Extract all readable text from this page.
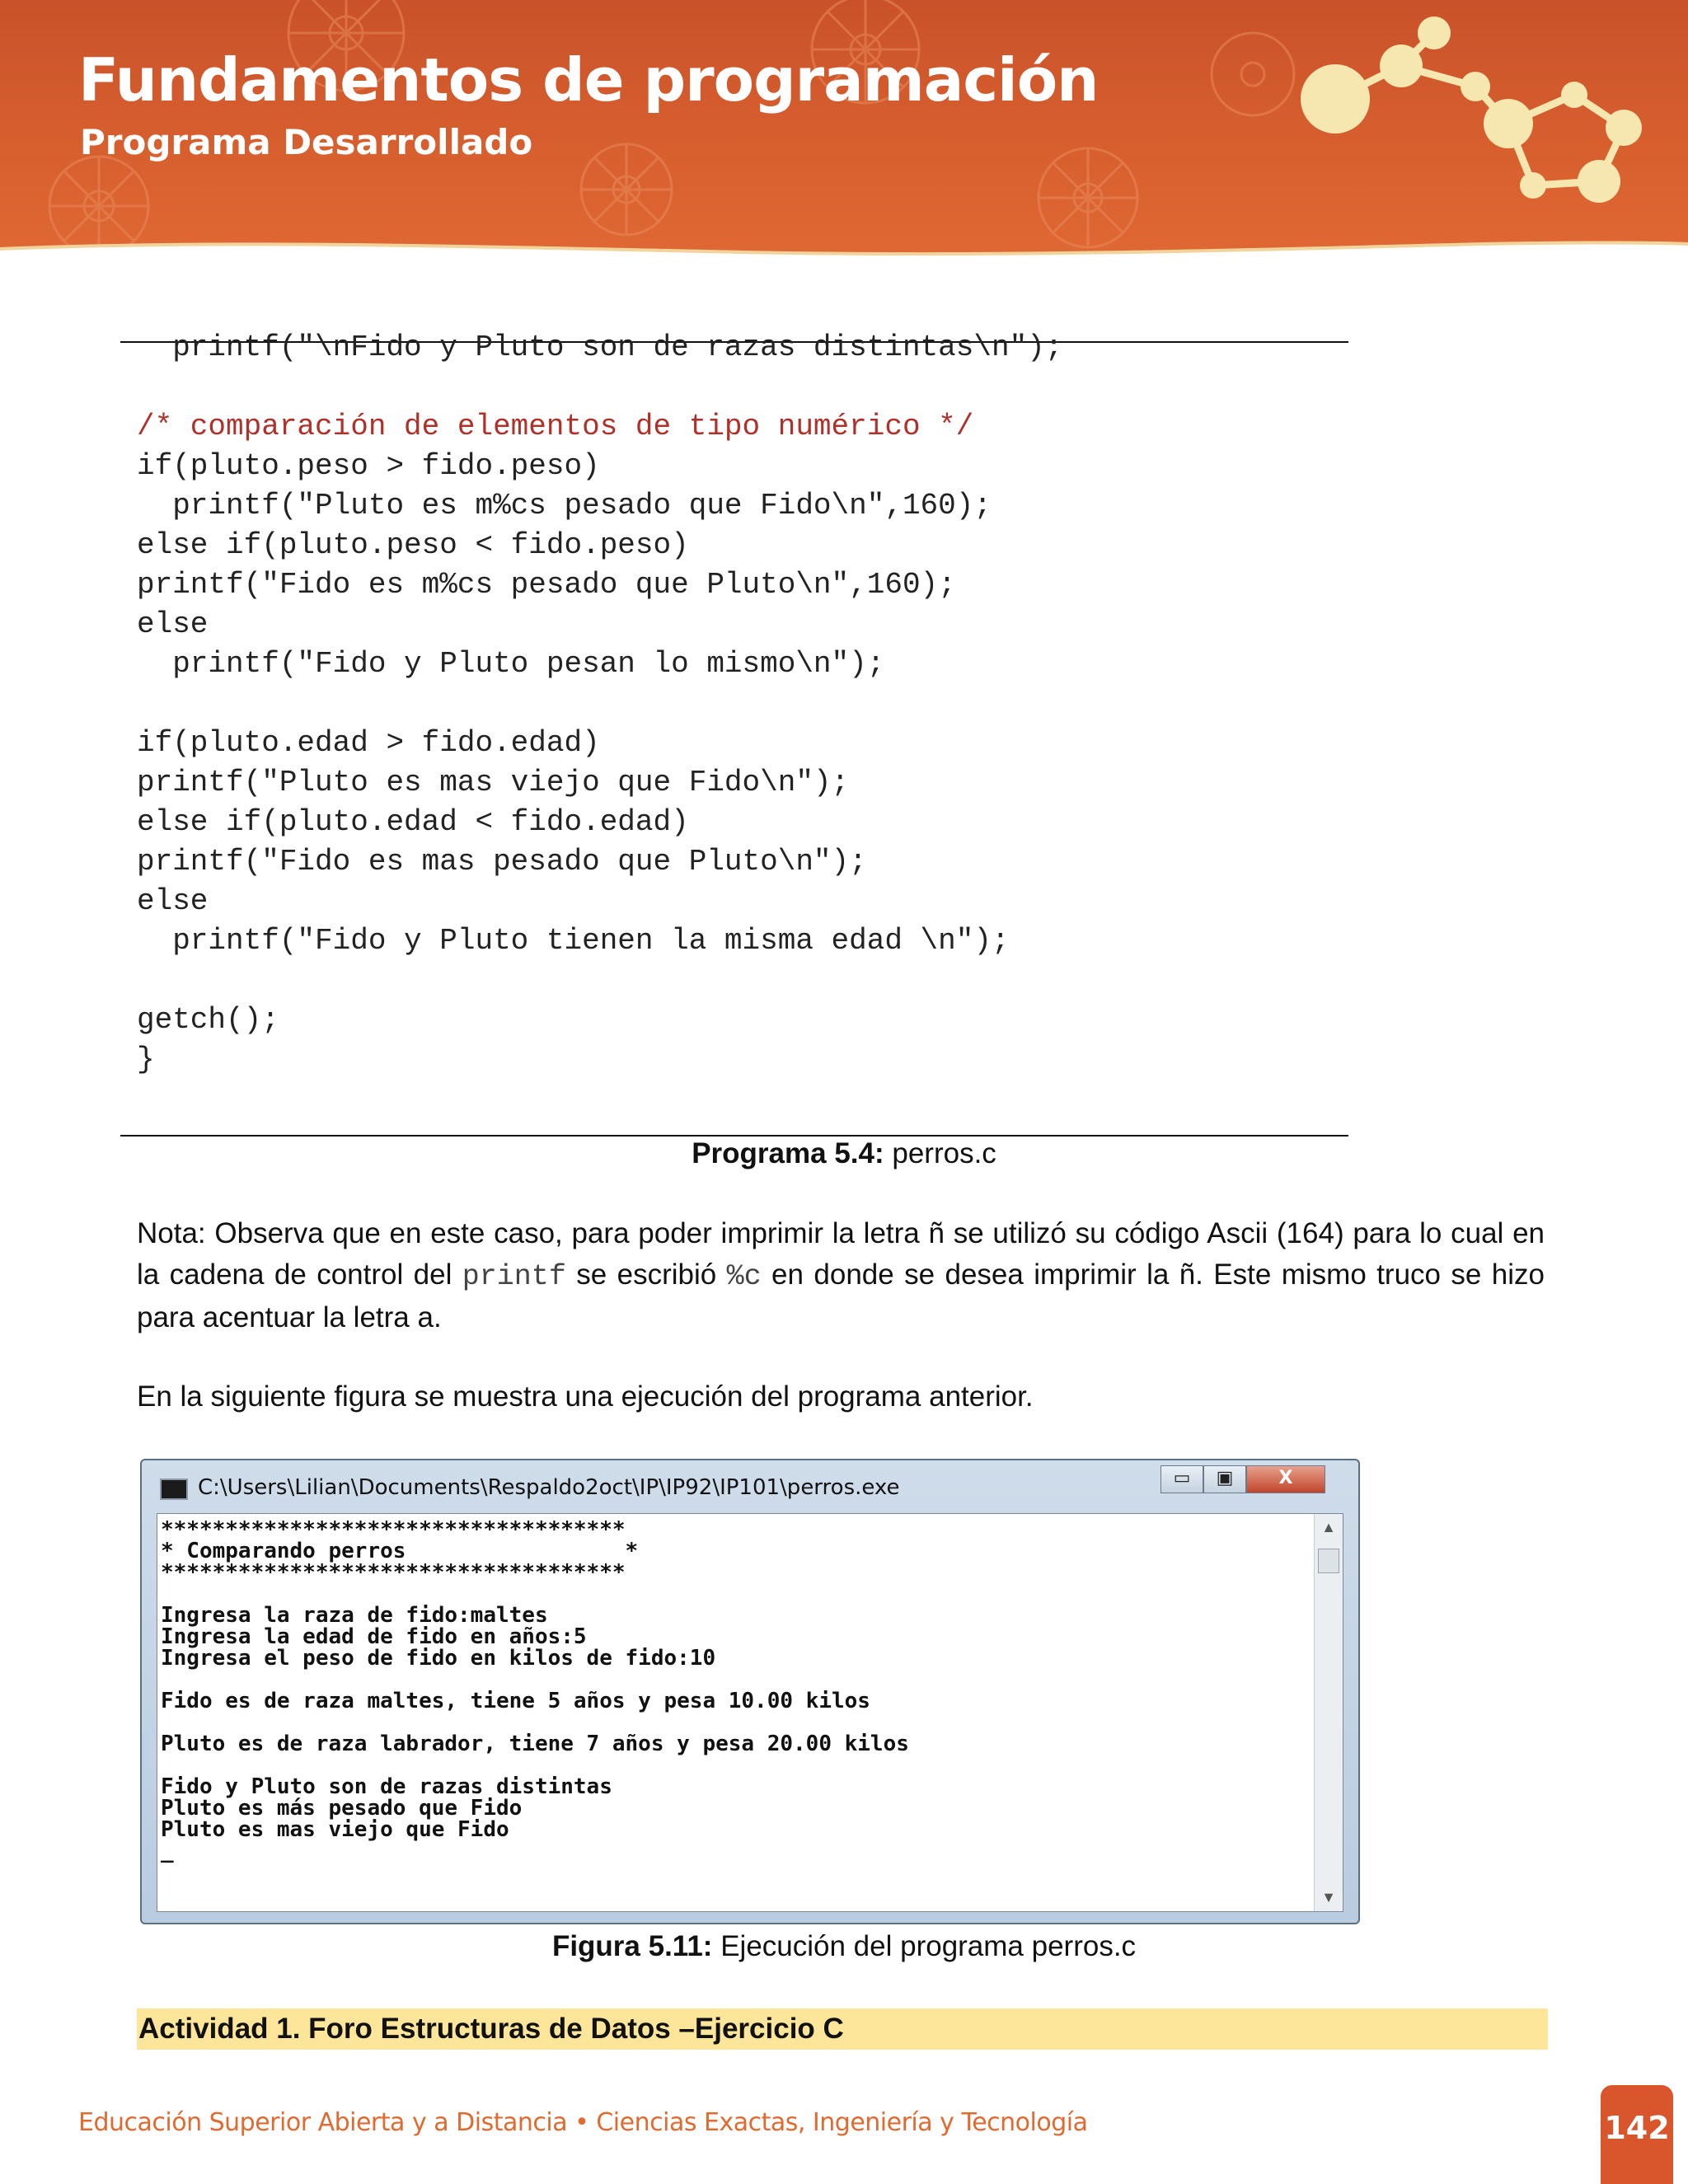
Fundamentos de programación
Programa Desarrollado
printf("\nFido y Pluto son de razas distintas\n");

/* comparación de elementos de tipo numérico */
if(pluto.peso > fido.peso)
printf("Pluto es m%cs pesado que Fido\n",160);
else if(pluto.peso < fido.peso)
printf("Fido es m%cs pesado que Pluto\n",160);
else
printf("Fido y Pluto pesan lo mismo\n");

if(pluto.edad > fido.edad)
printf("Pluto es mas viejo que Fido\n");
else if(pluto.edad < fido.edad)
printf("Fido es mas pesado que Pluto\n");
else
printf("Fido y Pluto tienen la misma edad \n");

getch();
}

Programa 5.4: perros.c

Nota: Observa que en este caso, para poder imprimir la letra ñ se utilizó su código Ascii (164) para lo cual en la cadena de control del printf se escribió %c en donde se desea imprimir la ñ. Este mismo truco se hizo para acentuar la letra a.

En la siguiente figura se muestra una ejecución del programa anterior.

C:\Users\Lilian\Documents\Respaldo2oct\IP\IP92\IP101\perros.exe	▭	▣	X
************************************
* Comparando perros                 *
************************************

Ingresa la raza de fido:maltes
Ingresa la edad de fido en años:5
Ingresa el peso de fido en kilos de fido:10

Fido es de raza maltes, tiene 5 años y pesa 10.00 kilos

Pluto es de raza labrador, tiene 7 años y pesa 20.00 kilos

Fido y Pluto son de razas distintas
Pluto es más pesado que Fido
Pluto es mas viejo que Fido
_
▲
▼

Figura 5.11: Ejecución del programa perros.c

Actividad 1. Foro Estructuras de Datos –Ejercicio C

Educación Superior Abierta y a Distancia • Ciencias Exactas, Ingeniería y Tecnología	142
